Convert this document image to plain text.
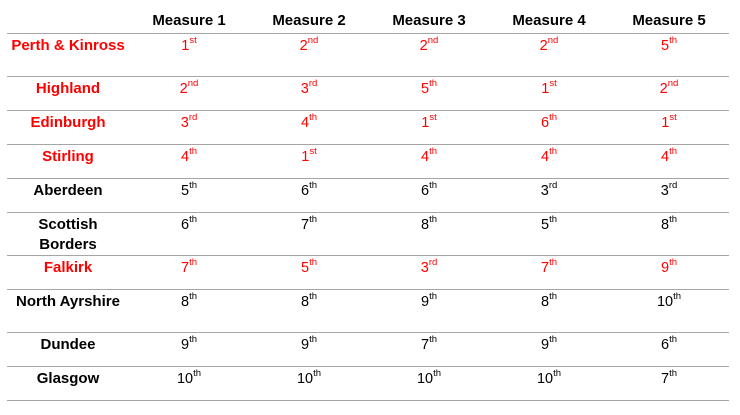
	Measure 1	Measure 2	Measure 3	Measure 4	Measure 5
Perth & Kinross	1st	2nd	2nd	2nd	5th
Highland	2nd	3rd	5th	1st	2nd
Edinburgh	3rd	4th	1st	6th	1st
Stirling	4th	1st	4th	4th	4th
Aberdeen	5th	6th	6th	3rd	3rd
Scottish Borders	6th	7th	8th	5th	8th
Falkirk	7th	5th	3rd	7th	9th
North Ayrshire	8th	8th	9th	8th	10th
Dundee	9th	9th	7th	9th	6th
Glasgow	10th	10th	10th	10th	7th
